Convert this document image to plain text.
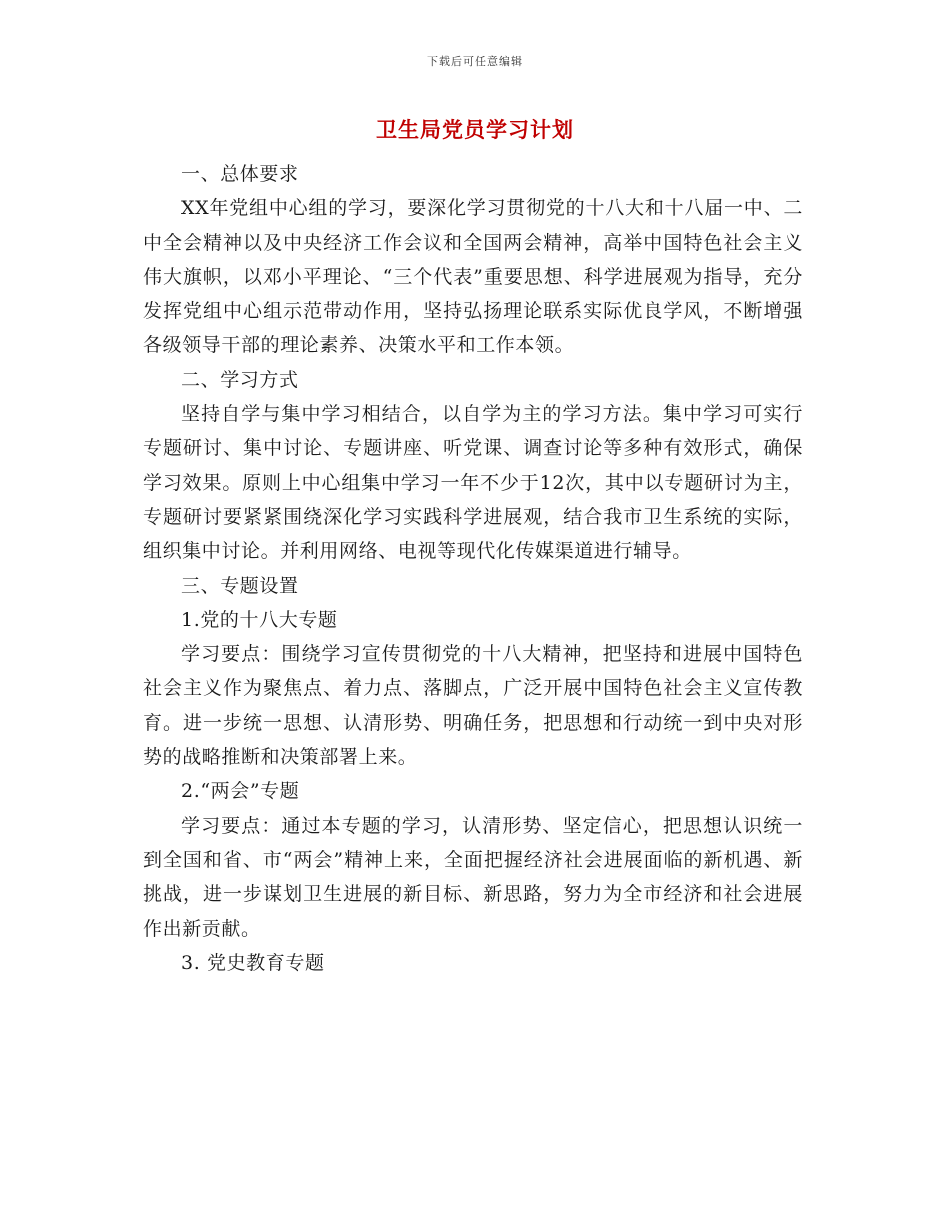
下载后可任意编辑
卫生局党员学习计划

一、总体要求

XX年党组中心组的学习，要深化学习贯彻党的十八大和十八届一中、二中全会精神以及中央经济工作会议和全国两会精神，高举中国特色社会主义伟大旗帜，以邓小平理论、“三个代表”重要思想、科学进展观为指导，充分发挥党组中心组示范带动作用，坚持弘扬理论联系实际优良学风，不断增强各级领导干部的理论素养、决策水平和工作本领。

二、学习方式

坚持自学与集中学习相结合，以自学为主的学习方法。集中学习可实行专题研讨、集中讨论、专题讲座、听党课、调查讨论等多种有效形式，确保学习效果。原则上中心组集中学习一年不少于12次，其中以专题研讨为主，专题研讨要紧紧围绕深化学习实践科学进展观，结合我市卫生系统的实际，组织集中讨论。并利用网络、电视等现代化传媒渠道进行辅导。

三、专题设置

1.党的十八大专题

学习要点：围绕学习宣传贯彻党的十八大精神，把坚持和进展中国特色社会主义作为聚焦点、着力点、落脚点，广泛开展中国特色社会主义宣传教育。进一步统一思想、认清形势、明确任务，把思想和行动统一到中央对形势的战略推断和决策部署上来。

2.“两会”专题

学习要点：通过本专题的学习，认清形势、坚定信心，把思想认识统一到全国和省、市“两会”精神上来，全面把握经济社会进展面临的新机遇、新挑战，进一步谋划卫生进展的新目标、新思路，努力为全市经济和社会进展作出新贡献。

3. 党史教育专题
